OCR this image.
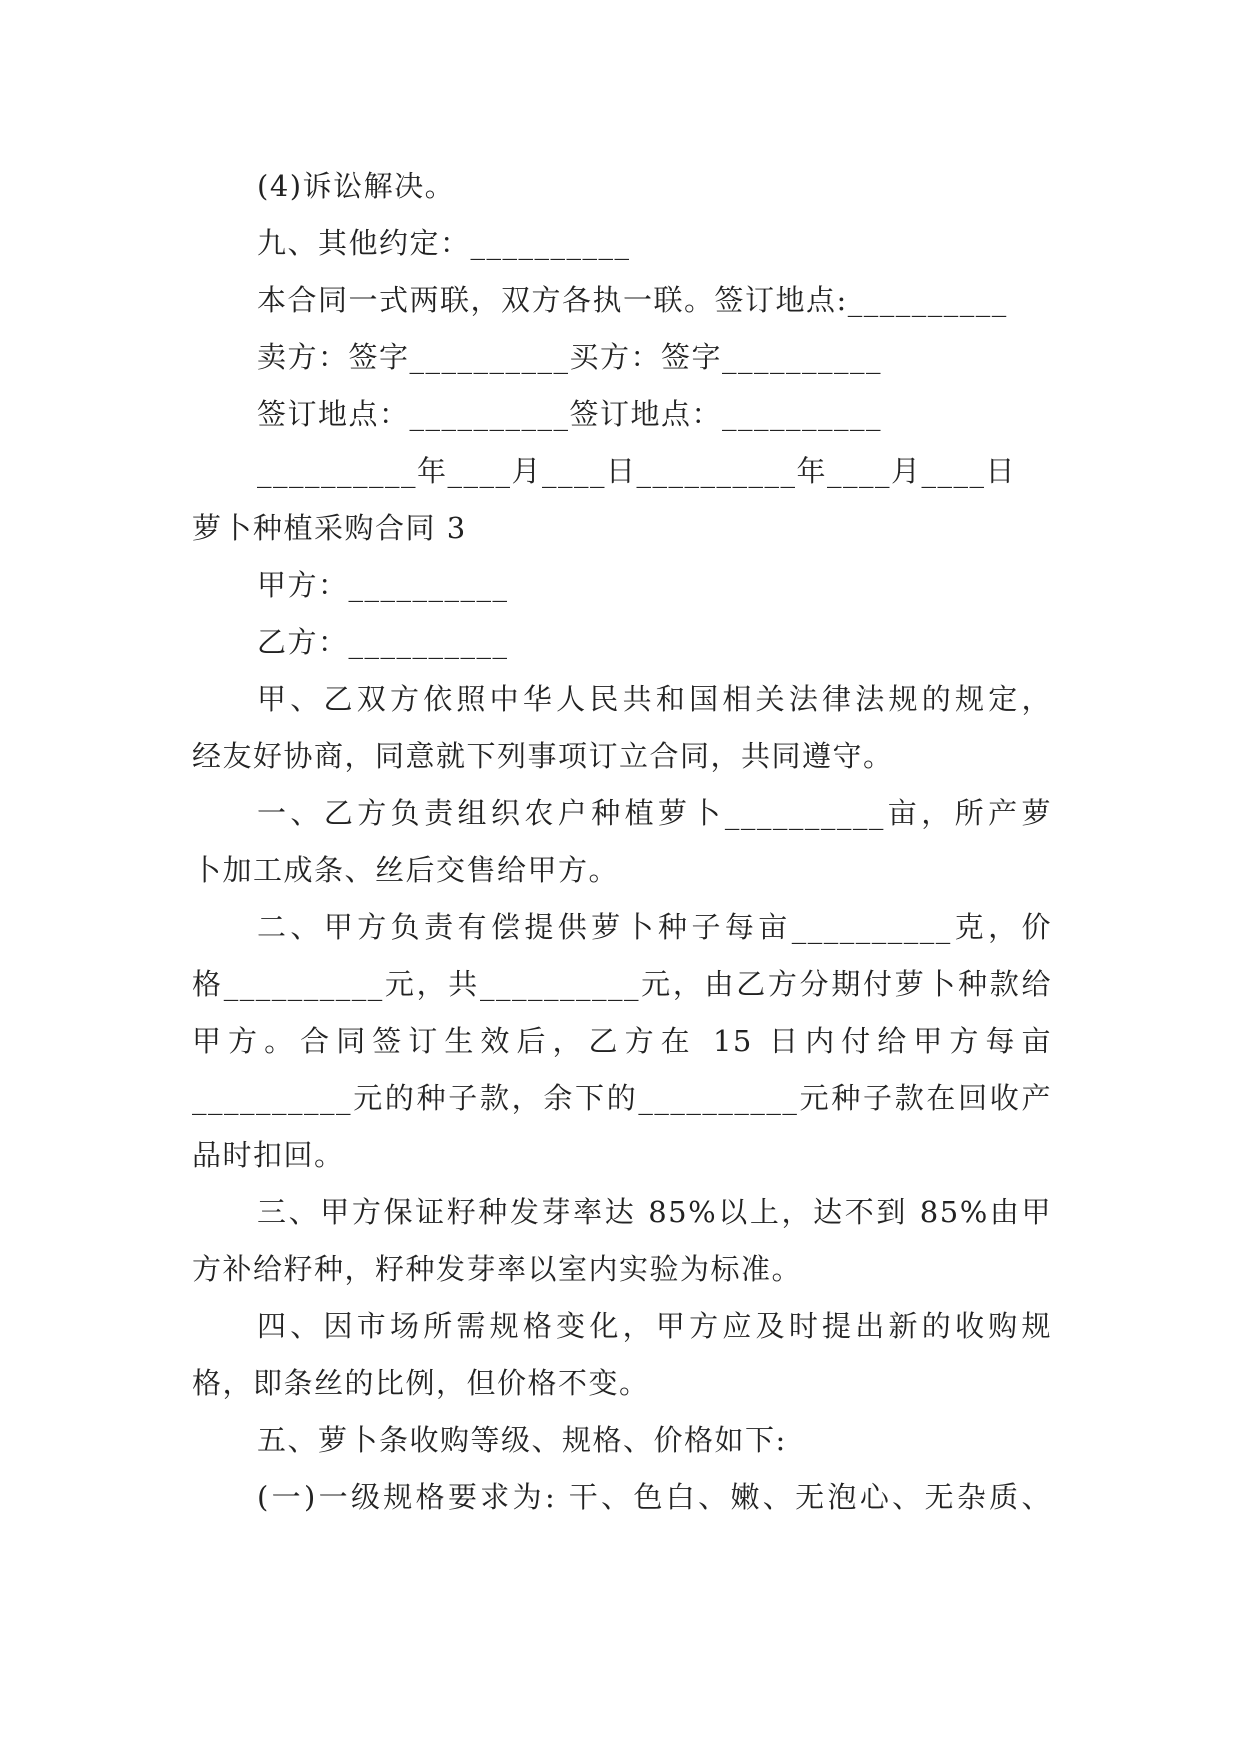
(4)诉讼解决。
九、其他约定：__________
本合同一式两联，双方各执一联。签订地点:__________
卖方：签字__________买方：签字__________
签订地点：__________签订地点：__________
__________年____月____日__________年____月____日
萝卜种植采购合同 3
甲方：__________
乙方：__________
甲、乙双方依照中华人民共和国相关法律法规的规定，
经友好协商，同意就下列事项订立合同，共同遵守。
一、乙方负责组织农户种植萝卜__________亩，所产萝
卜加工成条、丝后交售给甲方。
二、甲方负责有偿提供萝卜种子每亩__________克，价
格__________元，共__________元，由乙方分期付萝卜种款给
甲方。合同签订生效后，乙方在 15 日内付给甲方每亩
__________元的种子款，余下的__________元种子款在回收产
品时扣回。
三、甲方保证籽种发芽率达 85%以上，达不到 85%由甲
方补给籽种，籽种发芽率以室内实验为标准。
四、因市场所需规格变化，甲方应及时提出新的收购规
格，即条丝的比例，但价格不变。
五、萝卜条收购等级、规格、价格如下:
(一)一级规格要求为: 干、色白、嫩、无泡心、无杂质、
